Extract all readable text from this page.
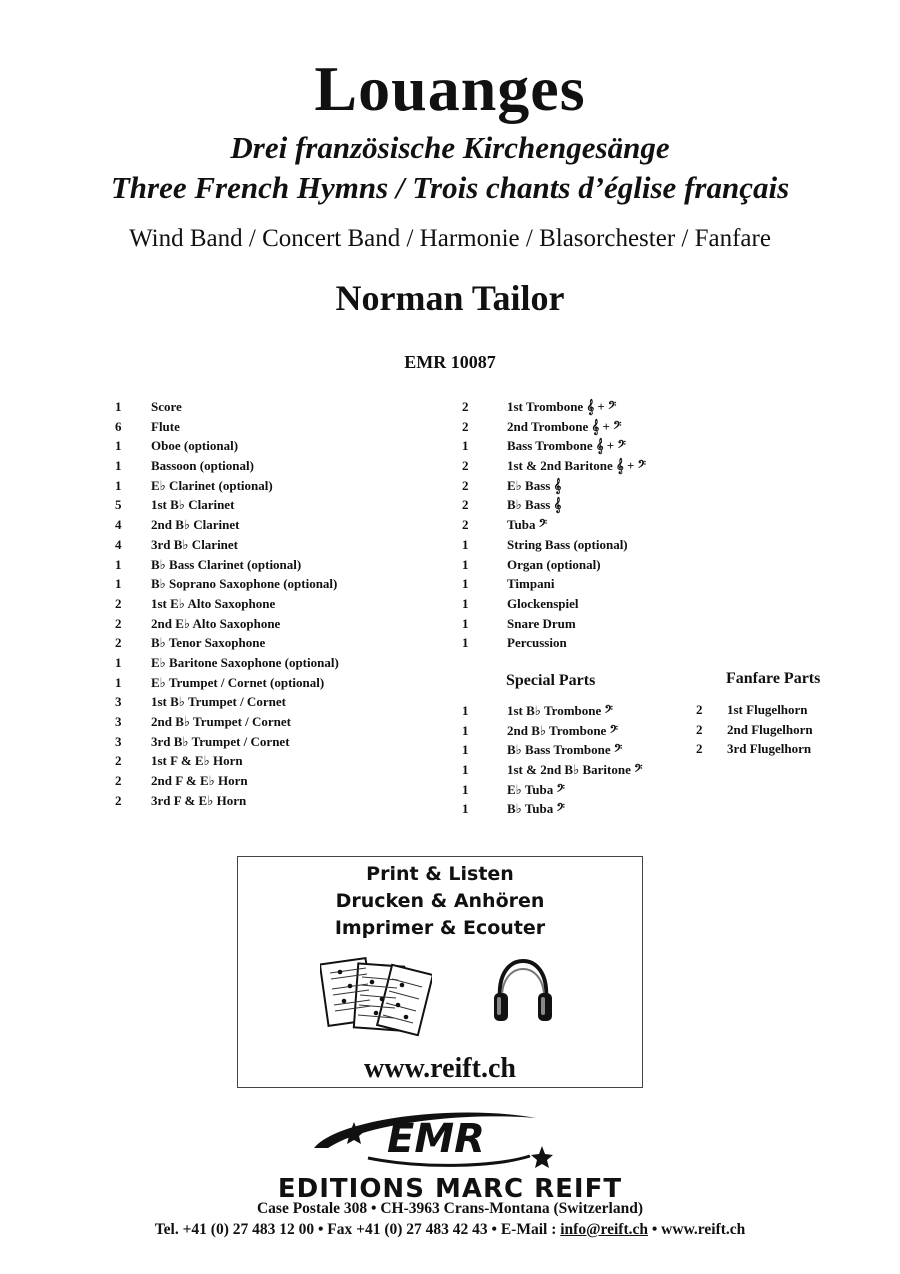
Louanges
Drei französische Kirchengesänge
Three French Hymns / Trois chants d’église français
Wind Band / Concert Band / Harmonie / Blasorchester / Fanfare
Norman Tailor
EMR 10087
1 Score
6 Flute
1 Oboe (optional)
1 Bassoon (optional)
1 E♭ Clarinet (optional)
5 1st B♭ Clarinet
4 2nd B♭ Clarinet
4 3rd B♭ Clarinet
1 B♭ Bass Clarinet (optional)
1 B♭ Soprano Saxophone (optional)
2 1st E♭ Alto Saxophone
2 2nd E♭ Alto Saxophone
2 B♭ Tenor Saxophone
1 E♭ Baritone Saxophone (optional)
1 E♭ Trumpet / Cornet (optional)
3 1st B♭ Trumpet / Cornet
3 2nd B♭ Trumpet / Cornet
3 3rd B♭ Trumpet / Cornet
2 1st F & E♭ Horn
2 2nd F & E♭ Horn
2 3rd F & E♭ Horn
2	1st Trombone 𝄞 + 𝄢
2	2nd Trombone 𝄞 + 𝄢
1	Bass Trombone 𝄞 + 𝄢
2	1st & 2nd Baritone 𝄞 + 𝄢
2	E♭ Bass 𝄞
2	B♭ Bass 𝄞
2	Tuba 𝄢
1	String Bass (optional)
1	Organ (optional)
1	Timpani
1	Glockenspiel
1	Snare Drum
1	Percussion
Special Parts
1	1st B♭ Trombone 𝄢
1	2nd B♭ Trombone 𝄢
1	B♭ Bass Trombone 𝄢
1	1st & 2nd B♭ Baritone 𝄢
1	E♭ Tuba 𝄢
1	B♭ Tuba 𝄢
Fanfare Parts
2 1st Flugelhorn
2 2nd Flugelhorn
2 3rd Flugelhorn
Print & Listen
Drucken & Anhören
Imprimer & Ecouter
www.reift.ch
EMR
EDITIONS MARC REIFT
Case Postale 308 • CH-3963 Crans-Montana (Switzerland)
Tel. +41 (0) 27 483 12 00 • Fax +41 (0) 27 483 42 43 • E-Mail : info@reift.ch • www.reift.ch
